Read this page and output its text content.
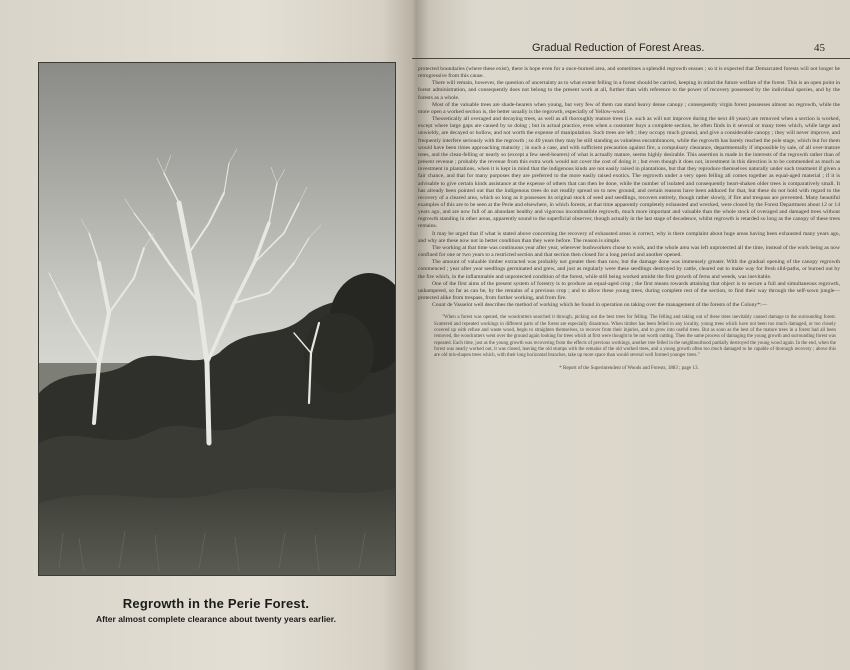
Regrowth in the Perie Forest.
After almost complete clearance about twenty years earlier.
Gradual Reduction of Forest Areas.	45

protected boundaries (where these exist), there is hope even for a once-burned area, and sometimes a splendid regrowth ensues ; so it is expected that Demarcated forests will not longer be retrogressive from this cause.

There will remain, however, the question of uncertainty as to what extent felling in a forest should be carried, keeping in mind the future welfare of the forest. This is an open point in forest administration, and consequently does not belong to the present work at all, further than with reference to the power of recovery possessed by the individual species, and by the forests as a whole.

Most of the valuable trees are shade-bearers when young, but very few of them can stand heavy dense canopy ; consequently virgin forest possesses almost no regrowth, while the more open a worked section is, the better usually is the regrowth, especially of Yellow-wood.

Theoretically all overaged and decaying trees, as well as all thoroughly mature trees (i.e. such as will not improve during the next 40 years) are removed when a section is worked, except where large gaps are caused by so doing ; but in actual practice, even when a customer buys a complete section, he often finds in it several or many trees which, while large and unwieldy, are decayed or hollow, and not worth the expense of manipulation. Such trees are left ; they occupy much ground, and give a considerable canopy ; they will never improve, and frequently interfere seriously with the regrowth ; so 40 years they may be still standing as valueless encumbrances, while the regrowth has barely reached the pole stage, which but for them would have been times approaching maturity ; in such a case, and with sufficient precaution against fire, a compulsory clearance, departmentally if impossible by sale, of all over-mature trees, and the clean-felling or nearly so (except a few seed-bearers) of what is actually mature, seems highly desirable. This assertion is made in the interests of the regrowth rather than of present revenue ; probably the revenue from this extra work would not cover the cost of doing it ; but even though it does not, investment in this direction is to be commended as much as investment in plantations, when it is kept in mind that the indigenous kinds are not easily raised in plantations, but that they reproduce themselves naturally under such treatment if given a fair chance, and that for many purposes they are preferred to the more easily raised exotics. The regrowth under a very open felling all comes together as equal-aged material ; if it is advisable to give certain kinds assistance at the expense of others that can then be done, while the number of isolated and consequently heart-shaken older trees is comparatively small. It has already been pointed out that the indigenous trees do not readily spread on to new ground, and certain reasons have been adduced for that, but these do not hold with regard to the recovery of a cleared area, which so long as it possesses its original stock of seed and seedlings, recovers entirely, though rather slowly, if fire and trespass are prevented. Many beautiful examples of this are to be seen at the Perie and elsewhere, in which forests, at that time apparently completely exhausted and wrecked, were closed by the Forest Department about 12 or 14 years ago, and are now full of an abundant healthy and vigorous incombustible regrowth, much more important and valuable than the whole stock of overaged and damaged trees without regrowth standing in other areas, apparently sound to the superficial observer, though actually in the last stage of decadence, whilst regrowth is retarded so long as the canopy of these trees remains.

It may be urged that if what is stated above concerning the recovery of exhausted areas is correct, why is there complaint about huge areas having been exhausted many years ago, and why are these now not in better condition than they were before. The reason is simple.

The working at that time was continuous year after year, wherever bushworkers chose to work, and the whole area was left unprotected all the time, instead of the work being as now confined for one or two years to a restricted section and that section then closed for a long period and another opened.

The amount of valuable timber extracted was probably not greater then than now, but the damage done was immensely greater. With the gradual opening of the canopy regrowth commenced ; year after year seedlings germinated and grew, and just as regularly were these seedlings destroyed by cattle, cleared out to make way for fresh slid-paths, or burned out by the fire which, in the inflammable and unprotected condition of the forest, while still being worked amidst the first growth of ferns and weeds, was inevitable.

One of the first aims of the present system of forestry is to produce an equal-aged crop ; the first means towards attaining that object is to secure a full and simultaneous regrowth, unhampered, so far as can be, by the remains of a previous crop ; and to allow these young trees, during complete rest of the section, to find their way through the self-sown jungle—protected alike from trespass, from further working, and from fire.

Count de Vasselot well describes the method of working which he found in operation on taking over the management of the forests of the Colony*:—

"When a forest was opened, the woodcutters searched it through, picking out the best trees for felling. The felling and taking out of these trees inevitably caused damage to the surrounding forest. Scattered and repeated workings in different parts of the forest are especially disastrous. When timber has been felled in any locality, young trees which have not been too much damaged, or too closely covered up with refuse and waste wood, begin to straighten themselves, to recover from their injuries, and to grow into useful trees. But as soon as the best of the mature trees in a forest had all been removed, the woodcutters went over the ground again looking for trees which at first were thought to be not worth cutting. Then the same process of damaging the young growth and surrounding forest was repeated. Each time, just as the young growth was recovering from the effects of previous workings, another tree felled in the neighbourhood partially destroyed the young wood again. In the end, when the forest was nearly worked out, it was closed, leaving the old stumps with the remains of the old worked trees, and a young growth often too much damaged to be capable of thorough recovery ; above this are old mis-shapen trees which, with their long horizontal branches, take up more space than would several well formed younger trees."

* Report of the Superintendent of Woods and Forests, 1883 ; page 13.
